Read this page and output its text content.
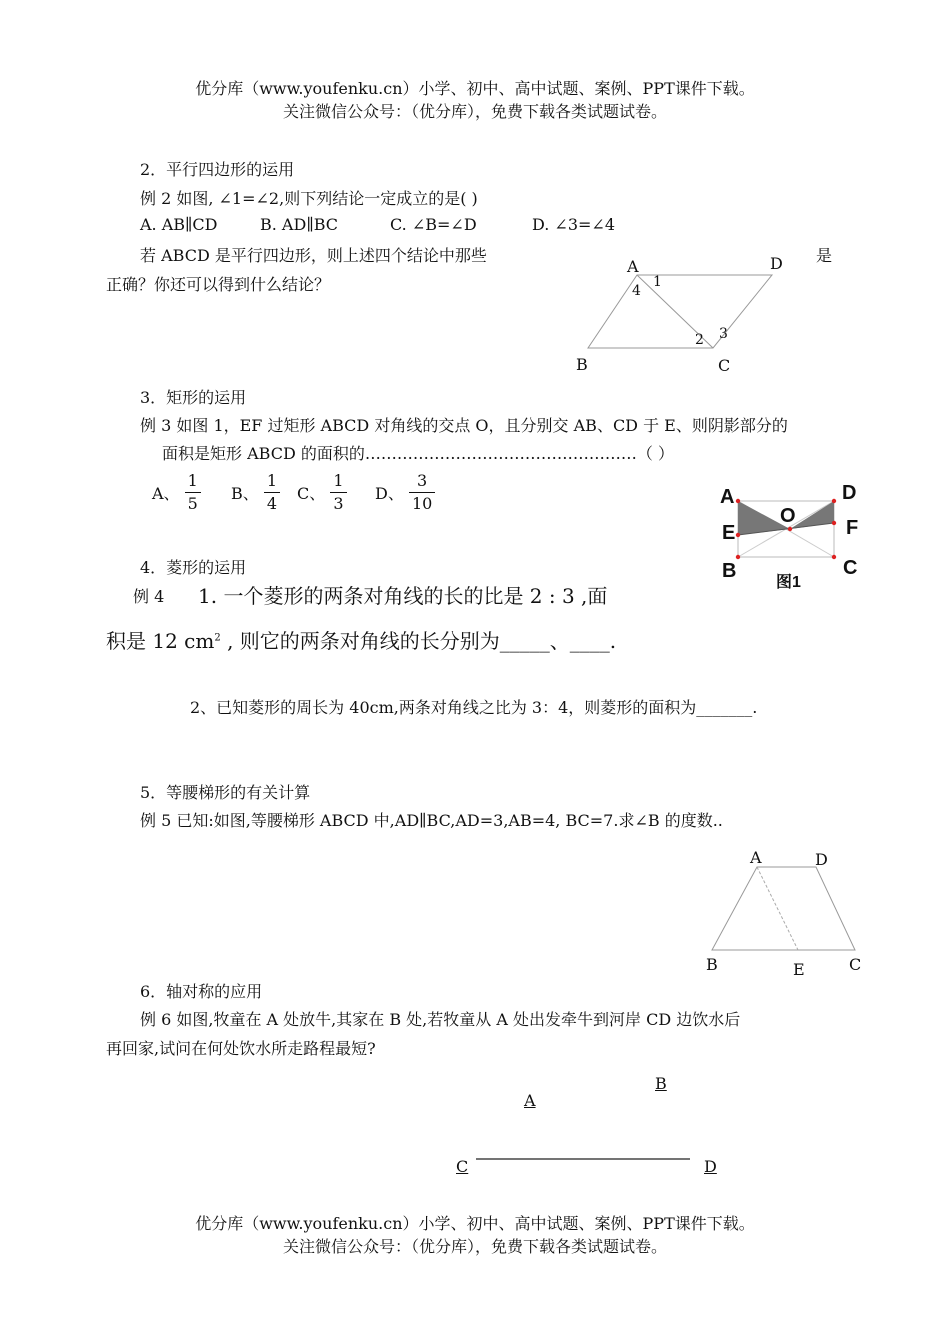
优分库（www.youfenku.cn）小学、初中、高中试题、案例、PPT课件下载。
关注微信公众号：（优分库），免费下载各类试题试卷。
2．平行四边形的运用
例 2 如图, ∠1=∠2,则下列结论一定成立的是( )
A. AB∥CD	B. AD∥BC	C. ∠B=∠D	D. ∠3=∠4
若 ABCD 是平行四边形，则上述四个结论中那些	是
正确？你还可以得到什么结论？
A	D
B	C
1
4
2 3
3．矩形的运用
例 3 如图 1，EF 过矩形 ABCD 对角线的交点 O，且分别交 AB、CD 于 E、则阴影部分的
面积是矩形 ABCD 的面积的……………………………………………（ ）
A、 $\frac{1}{5}$ B、 $\frac{1}{4}$ C、 $\frac{1}{3}$ D、 $\frac{3}{10}$	A	D
E	F
O
B	C
图1
4．菱形的运用
例 4 1. 一个菱形的两条对角线的长的比是 2 : 3 ,面
积是 12 $cm^2$ , 则它的两条对角线的长分别为_____、____.
2、已知菱形的周长为 40cm,两条对角线之比为 3：4，则菱形的面积为_______.
5．等腰梯形的有关计算
例 5 已知:如图,等腰梯形 ABCD 中,AD∥BC,AD=3,AB=4, BC=7.求∠B 的度数..
A	D
B	E	C
6．轴对称的应用
例 6 如图,牧童在 A 处放牛,其家在 B 处,若牧童从 A 处出发牵牛到河岸 CD 边饮水后
再回家,试问在何处饮水所走路程最短?
B
A
C	D
优分库（www.youfenku.cn）小学、初中、高中试题、案例、PPT课件下载。
关注微信公众号：（优分库），免费下载各类试题试卷。
